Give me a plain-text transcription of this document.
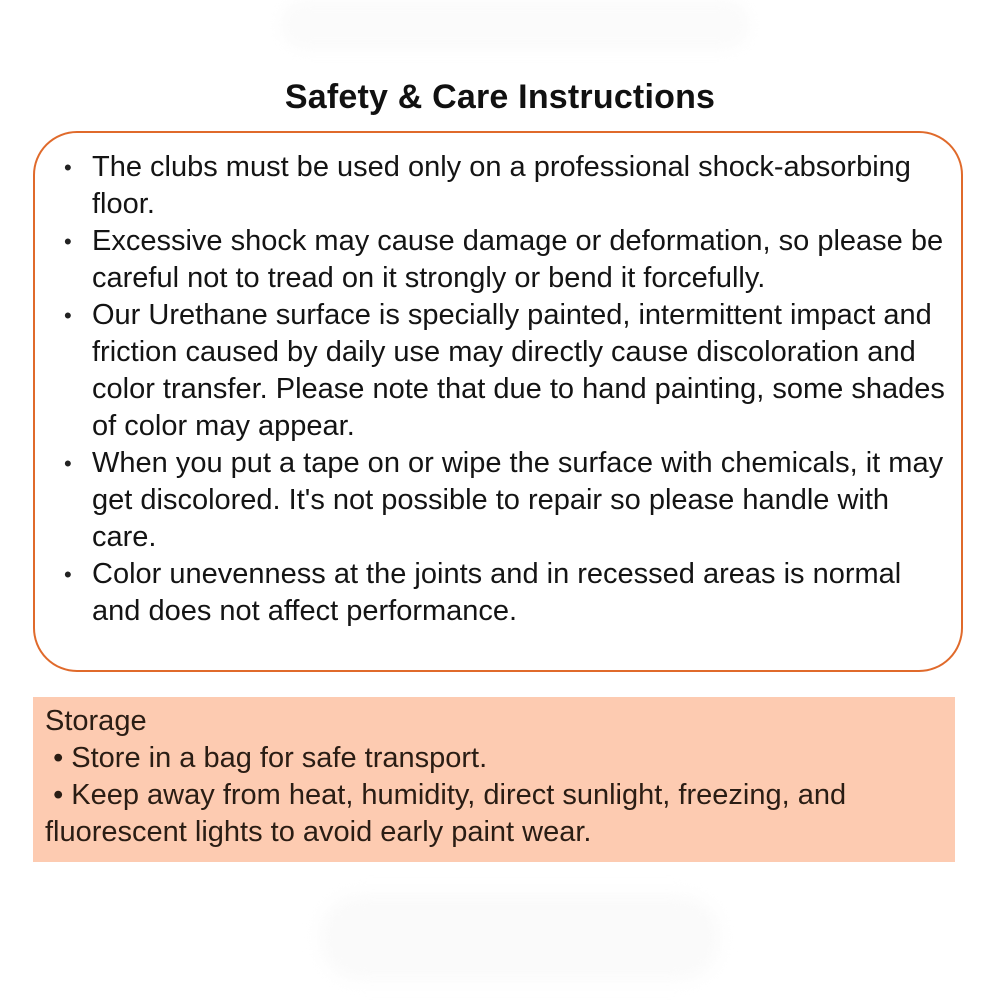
Safety & Care Instructions
• The clubs must be used only on a professional shock-absorbing floor.
• Excessive shock may cause damage or deformation, so please be careful not to tread on it strongly or bend it forcefully.
• Our Urethane surface is specially painted, intermittent impact and friction caused by daily use may directly cause discoloration and color transfer. Please note that due to hand painting, some shades of color may appear.
• When you put a tape on or wipe the surface with chemicals, it may get discolored. It's not possible to repair so please handle with care.
• Color unevenness at the joints and in recessed areas is normal and does not affect performance.
Storage
• Store in a bag for safe transport.
• Keep away from heat, humidity, direct sunlight, freezing, and fluorescent lights to avoid early paint wear.
